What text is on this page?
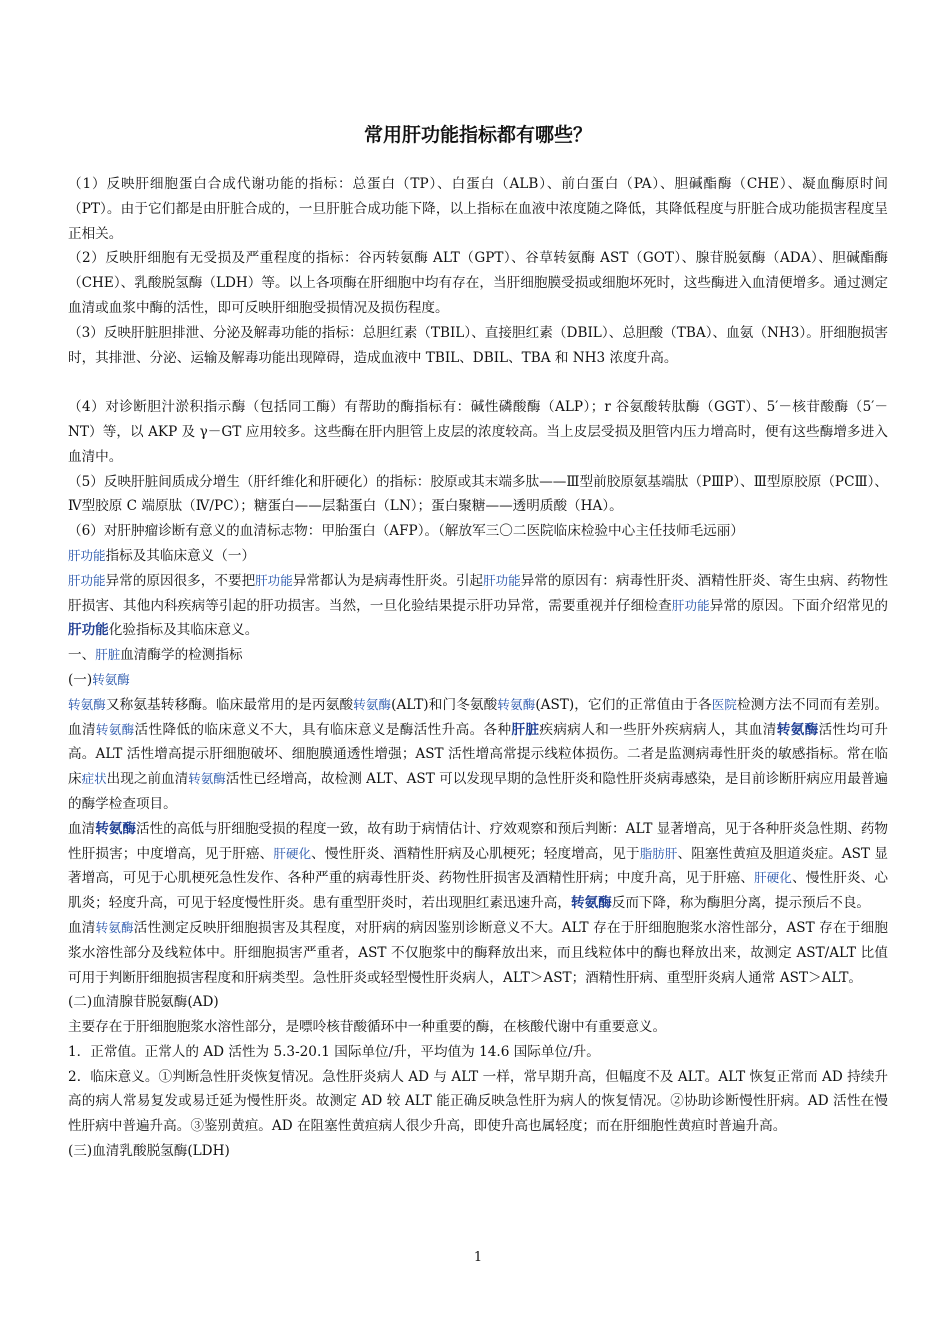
常用肝功能指标都有哪些？

（1）反映肝细胞蛋白合成代谢功能的指标：总蛋白（TP）、白蛋白（ALB）、前白蛋白（PA）、胆碱酯酶（CHE）、凝血酶原时间（PT）。由于它们都是由肝脏合成的，一旦肝脏合成功能下降，以上指标在血液中浓度随之降低，其降低程度与肝脏合成功能损害程度呈正相关。

（2）反映肝细胞有无受损及严重程度的指标：谷丙转氨酶 ALT（GPT）、谷草转氨酶 AST（GOT）、腺苷脱氨酶（ADA）、胆碱酯酶（CHE）、乳酸脱氢酶（LDH）等。以上各项酶在肝细胞中均有存在，当肝细胞膜受损或细胞坏死时，这些酶进入血清便增多。通过测定血清或血浆中酶的活性，即可反映肝细胞受损情况及损伤程度。

（3）反映肝脏胆排泄、分泌及解毒功能的指标：总胆红素（TBIL）、直接胆红素（DBIL）、总胆酸（TBA）、血氨（NH3）。肝细胞损害时，其排泄、分泌、运输及解毒功能出现障碍，造成血液中 TBIL、DBIL、TBA 和 NH3 浓度升高。

（4）对诊断胆汁淤积指示酶（包括同工酶）有帮助的酶指标有：碱性磷酸酶（ALP）；r 谷氨酸转肽酶（GGT）、5′－核苷酸酶（5′－NT）等，以 AKP 及 γ－GT 应用较多。这些酶在肝内胆管上皮层的浓度较高。当上皮层受损及胆管内压力增高时，便有这些酶增多进入血清中。

（5）反映肝脏间质成分增生（肝纤维化和肝硬化）的指标：胶原或其末端多肽——Ⅲ型前胶原氨基端肽（PⅢP）、Ⅲ型原胶原（PCⅢ）、Ⅳ型胶原 C 端原肽（Ⅳ/PC）；糖蛋白——层黏蛋白（LN）；蛋白聚糖——透明质酸（HA）。

（6）对肝肿瘤诊断有意义的血清标志物：甲胎蛋白（AFP）。（解放军三〇二医院临床检验中心主任技师毛远丽）

肝功能指标及其临床意义（一）

肝功能异常的原因很多，不要把肝功能异常都认为是病毒性肝炎。引起肝功能异常的原因有：病毒性肝炎、酒精性肝炎、寄生虫病、药物性肝损害、其他内科疾病等引起的肝功损害。当然，一旦化验结果提示肝功异常，需要重视并仔细检查肝功能异常的原因。下面介绍常见的肝功能化验指标及其临床意义。

一、肝脏血清酶学的检测指标

(一)转氨酶

转氨酶又称氨基转移酶。临床最常用的是丙氨酸转氨酶(ALT)和门冬氨酸转氨酶(AST)，它们的正常值由于各医院检测方法不同而有差别。血清转氨酶活性降低的临床意义不大，具有临床意义是酶活性升高。各种肝脏疾病病人和一些肝外疾病病人，其血清转氨酶活性均可升高。ALT 活性增高提示肝细胞破坏、细胞膜通透性增强；AST 活性增高常提示线粒体损伤。二者是监测病毒性肝炎的敏感指标。常在临床症状出现之前血清转氨酶活性已经增高，故检测 ALT、AST 可以发现早期的急性肝炎和隐性肝炎病毒感染，是目前诊断肝病应用最普遍的酶学检查项目。

血清转氨酶活性的高低与肝细胞受损的程度一致，故有助于病情估计、疗效观察和预后判断：ALT 显著增高，见于各种肝炎急性期、药物性肝损害；中度增高，见于肝癌、肝硬化、慢性肝炎、酒精性肝病及心肌梗死；轻度增高，见于脂肪肝、阻塞性黄疸及胆道炎症。AST 显著增高，可见于心肌梗死急性发作、各种严重的病毒性肝炎、药物性肝损害及酒精性肝病；中度升高，见于肝癌、肝硬化、慢性肝炎、心肌炎；轻度升高，可见于轻度慢性肝炎。患有重型肝炎时，若出现胆红素迅速升高，转氨酶反而下降，称为酶胆分离，提示预后不良。

血清转氨酶活性测定反映肝细胞损害及其程度，对肝病的病因鉴别诊断意义不大。ALT 存在于肝细胞胞浆水溶性部分，AST 存在于细胞浆水溶性部分及线粒体中。肝细胞损害严重者，AST 不仅胞浆中的酶释放出来，而且线粒体中的酶也释放出来，故测定 AST/ALT 比值可用于判断肝细胞损害程度和肝病类型。急性肝炎或轻型慢性肝炎病人，ALT＞AST；酒精性肝病、重型肝炎病人通常 AST＞ALT。

(二)血清腺苷脱氨酶(AD)

主要存在于肝细胞胞浆水溶性部分，是嘌呤核苷酸循环中一种重要的酶，在核酸代谢中有重要意义。

1．正常值。正常人的 AD 活性为 5.3-20.1 国际单位/升，平均值为 14.6 国际单位/升。

2．临床意义。①判断急性肝炎恢复情况。急性肝炎病人 AD 与 ALT 一样，常早期升高，但幅度不及 ALT。ALT 恢复正常而 AD 持续升高的病人常易复发或易迁延为慢性肝炎。故测定 AD 较 ALT 能正确反映急性肝为病人的恢复情况。②协助诊断慢性肝病。AD 活性在慢性肝病中普遍升高。③鉴别黄疸。AD 在阻塞性黄疸病人很少升高，即使升高也属轻度；而在肝细胞性黄疸时普遍升高。

(三)血清乳酸脱氢酶(LDH)

1
